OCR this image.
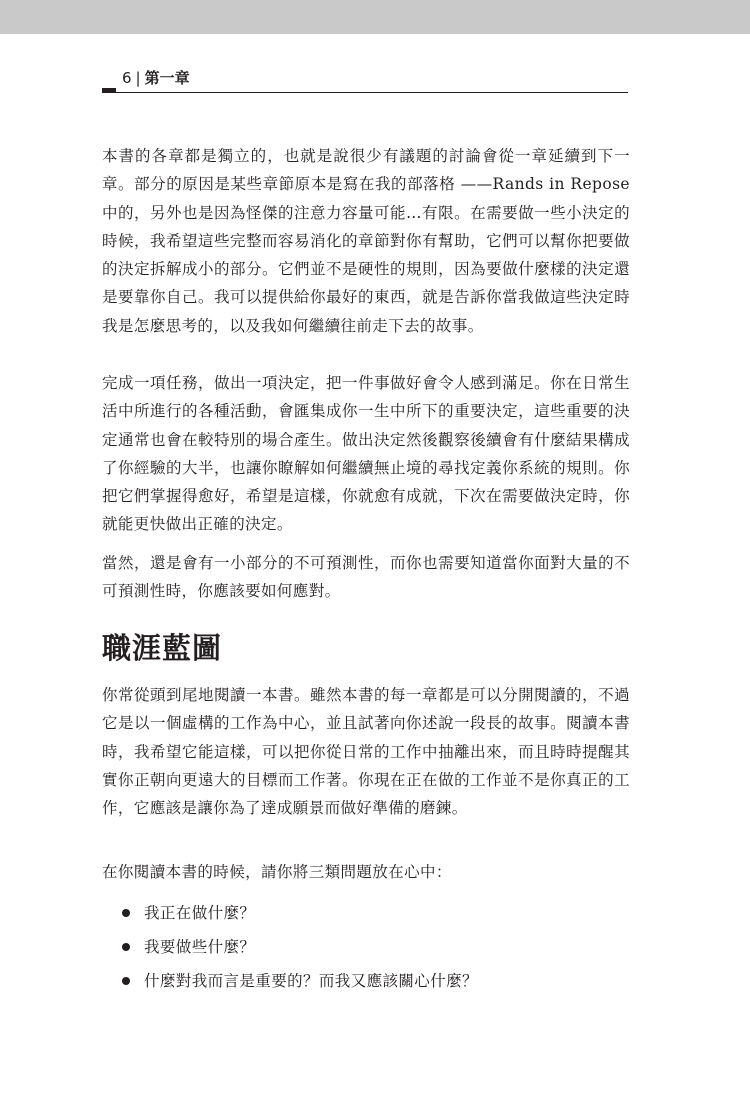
6 | 第一章

本書的各章都是獨立的，也就是說很少有議題的討論會從一章延續到下一章。部分的原因是某些章節原本是寫在我的部落格 ——Rands in Repose 中的，另外也是因為怪傑的注意力容量可能…有限。在需要做一些小決定的時候，我希望這些完整而容易消化的章節對你有幫助，它們可以幫你把要做的決定拆解成小的部分。它們並不是硬性的規則，因為要做什麼樣的決定還是要靠你自己。我可以提供給你最好的東西，就是告訴你當我做這些決定時我是怎麼思考的，以及我如何繼續往前走下去的故事。

完成一項任務，做出一項決定，把一件事做好會令人感到滿足。你在日常生活中所進行的各種活動，會匯集成你一生中所下的重要決定，這些重要的決定通常也會在較特別的場合產生。做出決定然後觀察後續會有什麼結果構成了你經驗的大半，也讓你瞭解如何繼續無止境的尋找定義你系統的規則。你把它們掌握得愈好，希望是這樣，你就愈有成就，下次在需要做決定時，你就能更快做出正確的決定。

當然，還是會有一小部分的不可預測性，而你也需要知道當你面對大量的不可預測性時，你應該要如何應對。

職涯藍圖

你常從頭到尾地閱讀一本書。雖然本書的每一章都是可以分開閱讀的，不過它是以一個虛構的工作為中心，並且試著向你述說一段長的故事。閱讀本書時，我希望它能這樣，可以把你從日常的工作中抽離出來，而且時時提醒其實你正朝向更遠大的目標而工作著。你現在正在做的工作並不是你真正的工作，它應該是讓你為了達成願景而做好準備的磨鍊。

在你閱讀本書的時候，請你將三類問題放在心中：

我正在做什麼？
我要做些什麼？
什麼對我而言是重要的？而我又應該關心什麼？
